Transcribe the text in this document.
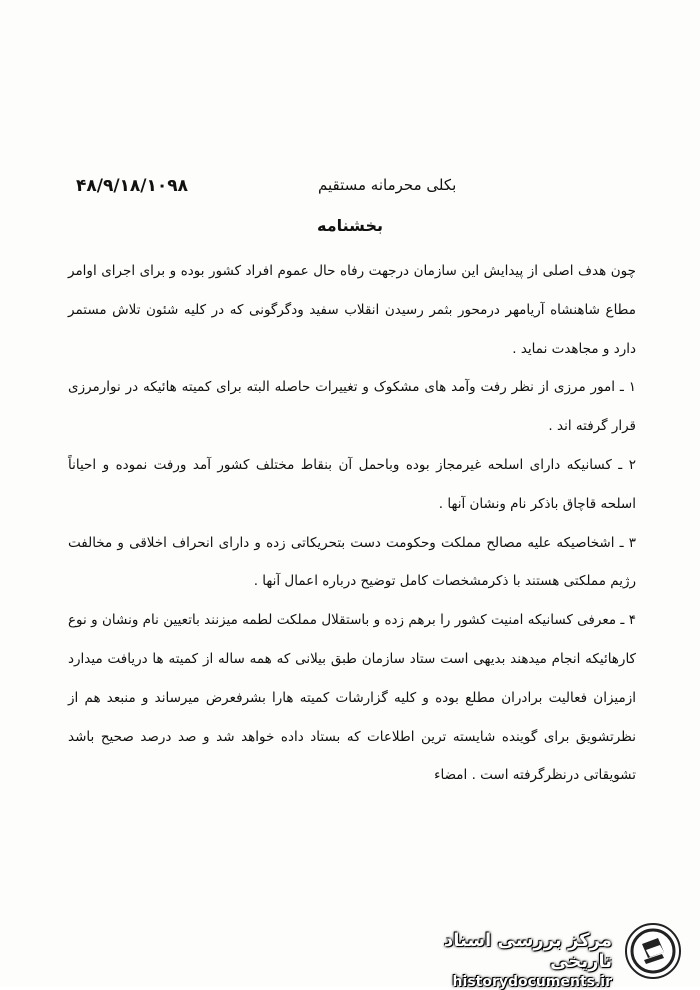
۴۸/۹/۱۸/۱۰۹۸	بکلی محرمانه مستقیم
بخشنامه

چون هدف اصلی از پیدایش این سازمان درجهت رفاه حال عموم افراد کشور بوده و برای اجرای اوامر مطاع شاهنشاه آریامهر درمحور بثمر رسیدن انقلاب سفید ودگرگونی که در کلیه شئون تلاش مستمر دارد و مجاهدت نماید .

۱ ـ امور مرزی از نظر رفت وآمد های مشکوک و تغییرات حاصله البته برای کمیته هائیکه در نوارمرزی قرار گرفته اند .

۲ ـ کسانیکه دارای اسلحه غیرمجاز بوده وباحمل آن بنقاط مختلف کشور آمد ورفت نموده و احیاناً اسلحه قاچاق باذکر نام ونشان آنها .

۳ ـ اشخاصیکه علیه مصالح مملکت وحکومت دست بتحریکاتی زده و دارای انحراف اخلاقی و مخالفت رژیم مملکتی هستند با ذکرمشخصات کامل توضیح درباره اعمال آنها .

۴ ـ معرفی کسانیکه امنیت کشور را برهم زده و باستقلال مملکت لطمه میزنند باتعیین نام ونشان و نوع کارهائیکه انجام میدهند بدیهی است ستاد سازمان طبق بیلانی که همه ساله از کمیته ها دریافت میدارد ازمیزان فعالیت برادران مطلع بوده و کلیه گزارشات کمیته هارا بشرفعرض میرساند و منبعد هم از نظرتشویق برای گوینده شایسته ترین اطلاعات که بستاد داده خواهد شد و صد درصد صحیح باشد تشویقاتی درنظرگرفته است . امضاء

مرکز بررسی اسناد تاریخی
historydocuments.ir
